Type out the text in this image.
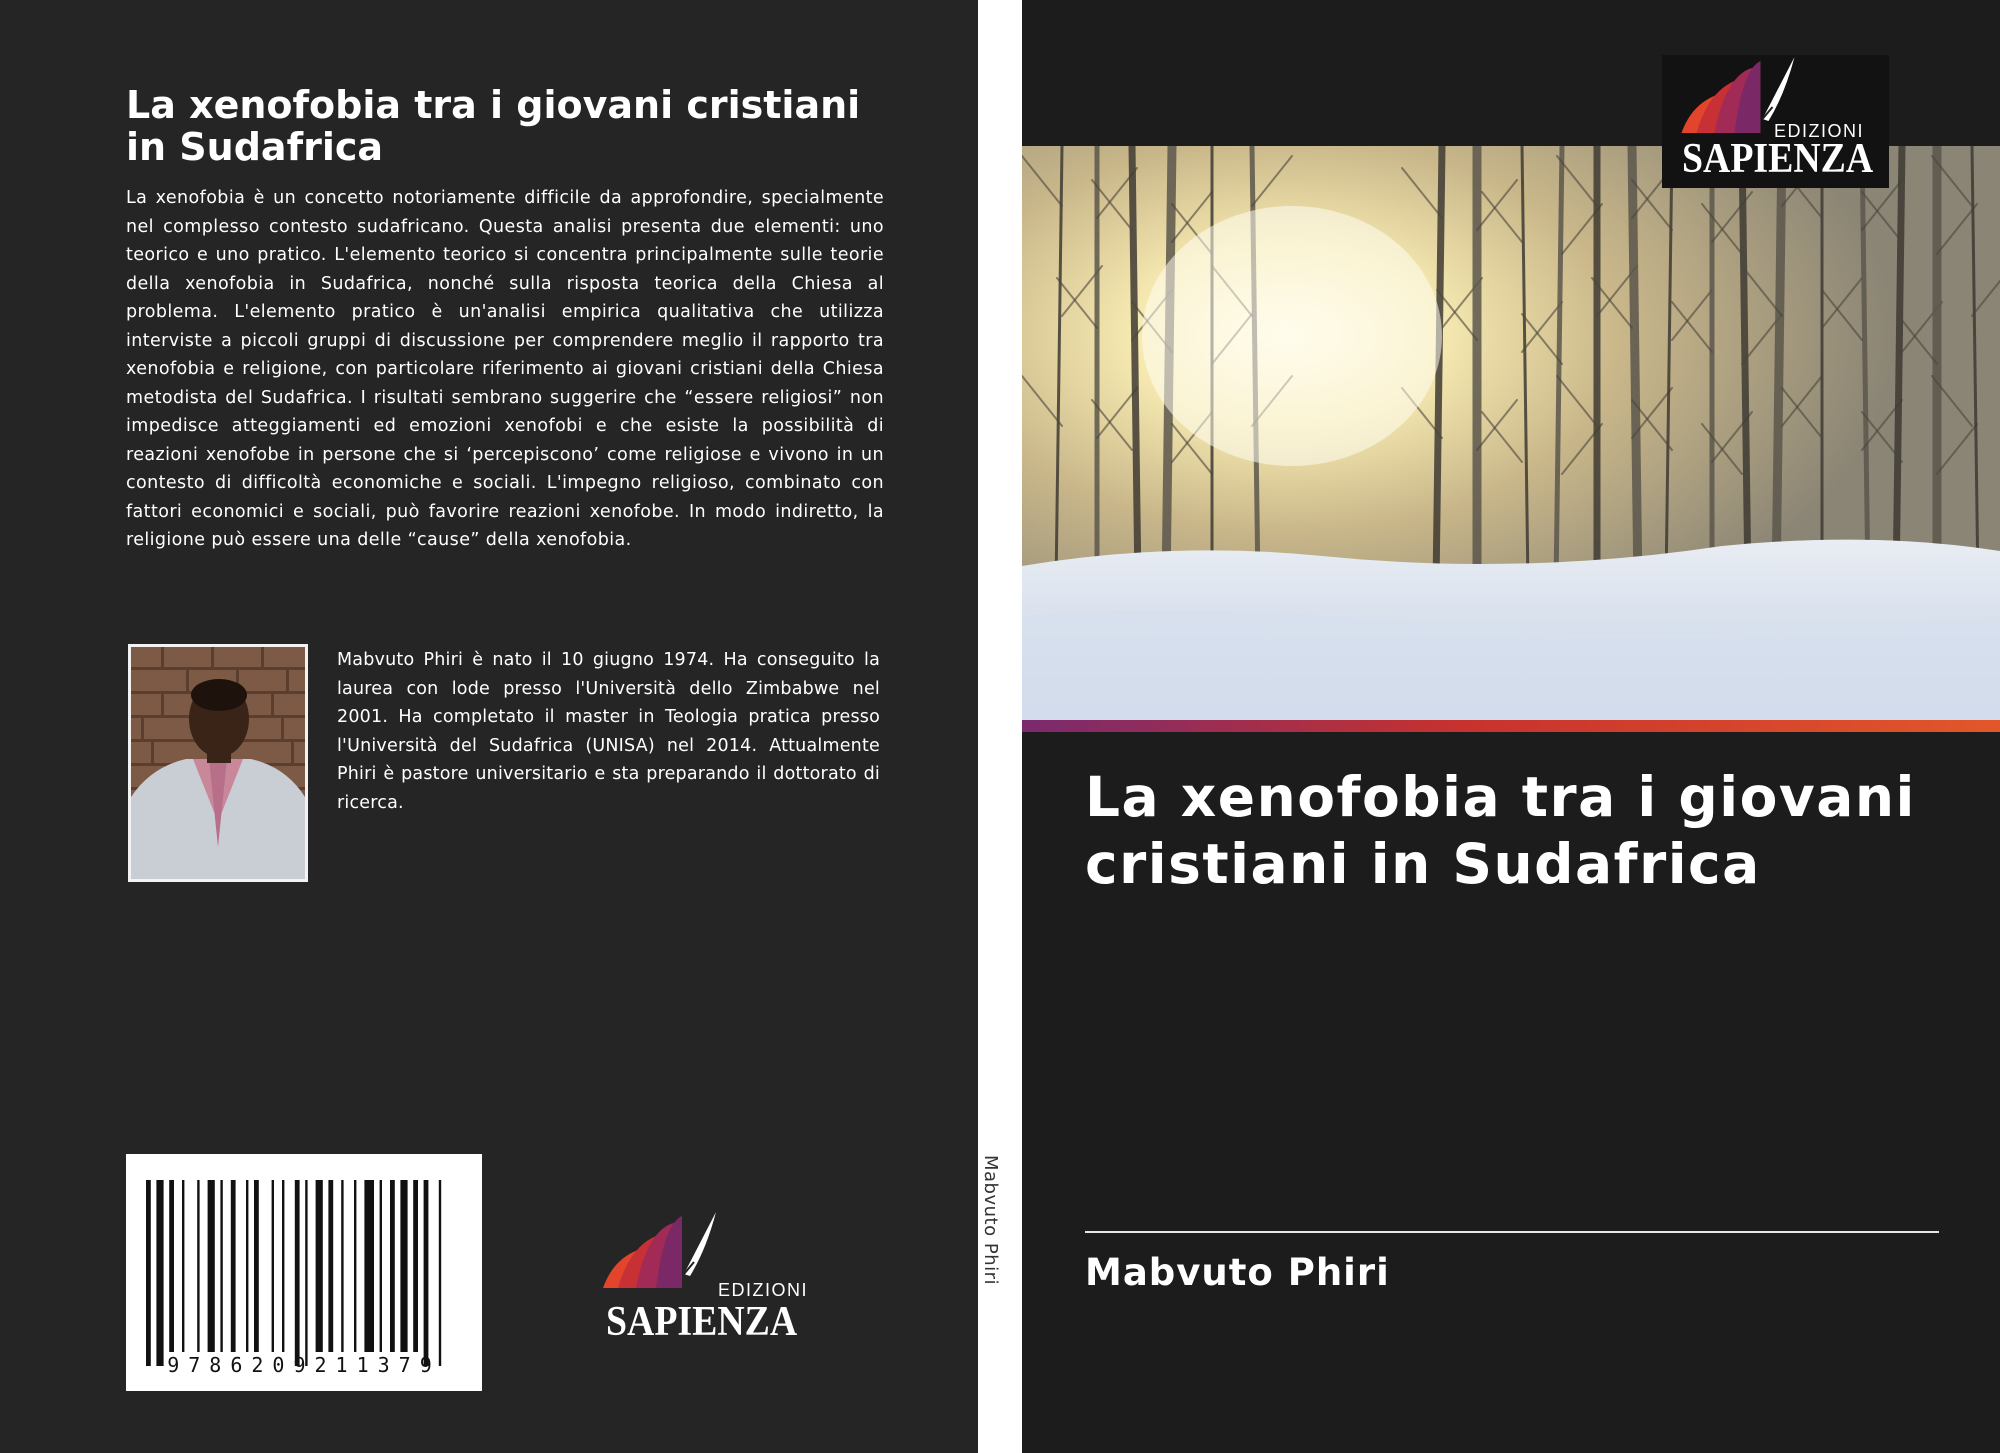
La xenofobia tra i giovani cristiani in Sudafrica

La xenofobia è un concetto notoriamente difficile da approfondire, specialmente nel complesso contesto sudafricano. Questa analisi presenta due elementi: uno teorico e uno pratico. L'elemento teorico si concentra principalmente sulle teorie della xenofobia in Sudafrica, nonché sulla risposta teorica della Chiesa al problema. L'elemento pratico è un'analisi empirica qualitativa che utilizza interviste a piccoli gruppi di discussione per comprendere meglio il rapporto tra xenofobia e religione, con particolare riferimento ai giovani cristiani della Chiesa metodista del Sudafrica. I risultati sembrano suggerire che “essere religiosi” non impedisce atteggiamenti ed emozioni xenofobi e che esiste la possibilità di reazioni xenofobe in persone che si ‘percepiscono’ come religiose e vivono in un contesto di difficoltà economiche e sociali. L'impegno religioso, combinato con fattori economici e sociali, può favorire reazioni xenofobe. In modo indiretto, la religione può essere una delle “cause” della xenofobia.

Mabvuto Phiri è nato il 10 giugno 1974. Ha conseguito la laurea con lode presso l'Università dello Zimbabwe nel 2001. Ha completato il master in Teologia pratica presso l'Università del Sudafrica (UNISA) nel 2014. Attualmente Phiri è pastore universitario e sta preparando il dottorato di ricerca.

9786209211379
EDIZIONI
SAPIENZA
Mabvuto Phiri
EDIZIONI
SAPIENZA
La xenofobia tra i giovani cristiani in Sudafrica
Mabvuto Phiri
